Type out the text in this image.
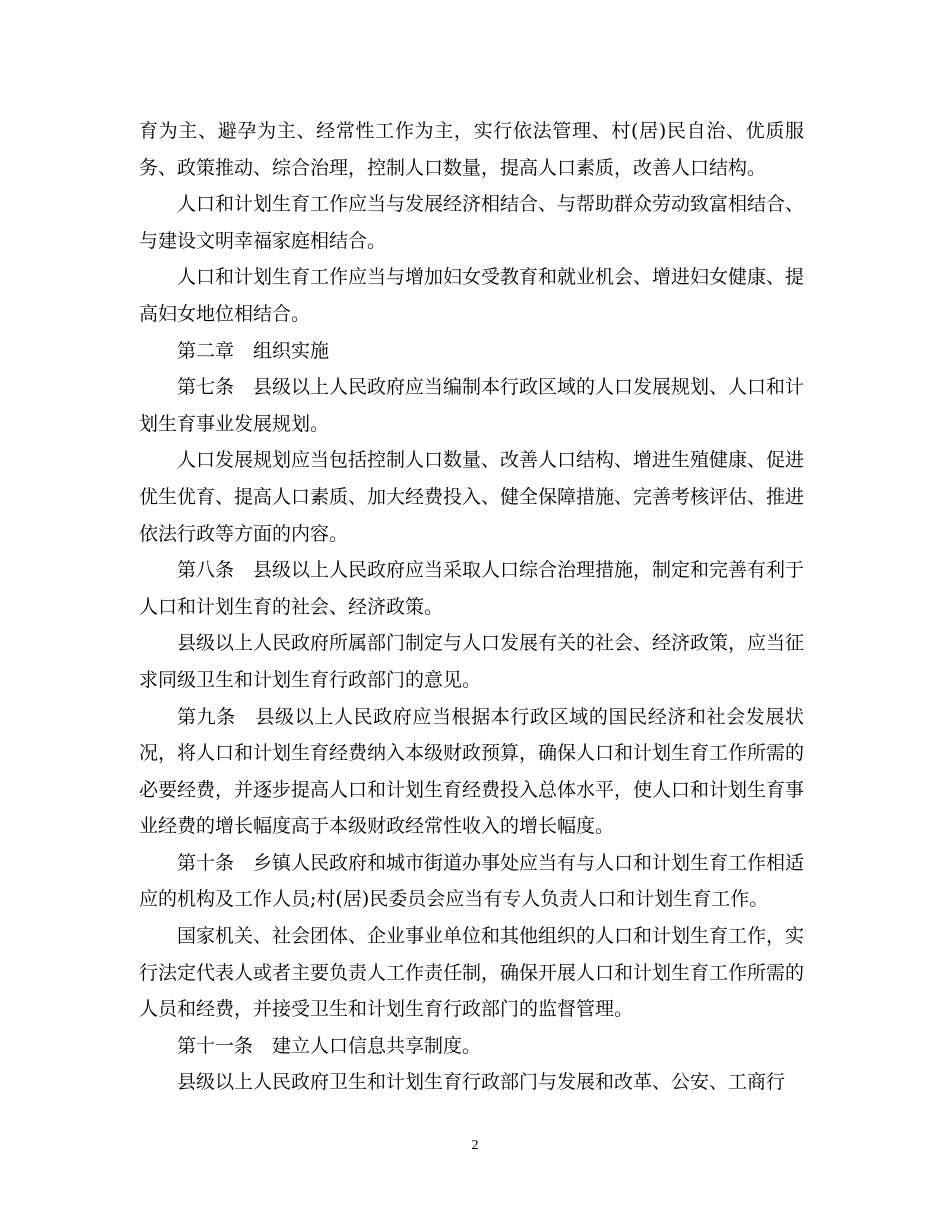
育为主、避孕为主、经常性工作为主，实行依法管理、村(居)民自治、优质服务、政策推动、综合治理，控制人口数量，提高人口素质，改善人口结构。

人口和计划生育工作应当与发展经济相结合、与帮助群众劳动致富相结合、与建设文明幸福家庭相结合。

人口和计划生育工作应当与增加妇女受教育和就业机会、增进妇女健康、提高妇女地位相结合。

第二章　组织实施

第七条　县级以上人民政府应当编制本行政区域的人口发展规划、人口和计划生育事业发展规划。

人口发展规划应当包括控制人口数量、改善人口结构、增进生殖健康、促进优生优育、提高人口素质、加大经费投入、健全保障措施、完善考核评估、推进依法行政等方面的内容。

第八条　县级以上人民政府应当采取人口综合治理措施，制定和完善有利于人口和计划生育的社会、经济政策。

县级以上人民政府所属部门制定与人口发展有关的社会、经济政策，应当征求同级卫生和计划生育行政部门的意见。

第九条　县级以上人民政府应当根据本行政区域的国民经济和社会发展状况，将人口和计划生育经费纳入本级财政预算，确保人口和计划生育工作所需的必要经费，并逐步提高人口和计划生育经费投入总体水平，使人口和计划生育事业经费的增长幅度高于本级财政经常性收入的增长幅度。

第十条　乡镇人民政府和城市街道办事处应当有与人口和计划生育工作相适应的机构及工作人员;村(居)民委员会应当有专人负责人口和计划生育工作。

国家机关、社会团体、企业事业单位和其他组织的人口和计划生育工作，实行法定代表人或者主要负责人工作责任制，确保开展人口和计划生育工作所需的人员和经费，并接受卫生和计划生育行政部门的监督管理。

第十一条　建立人口信息共享制度。

县级以上人民政府卫生和计划生育行政部门与发展和改革、公安、工商行

2
